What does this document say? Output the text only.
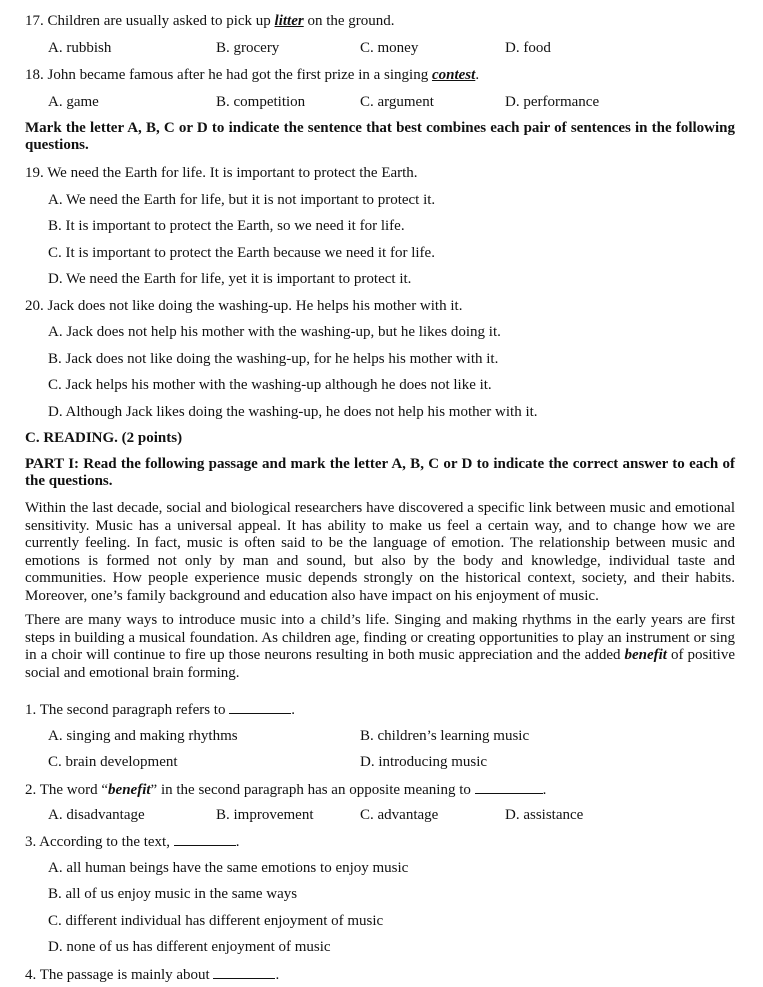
17. Children are usually asked to pick up litter on the ground.
A. rubbish	B. grocery	C. money	D. food
18. John became famous after he had got the first prize in a singing contest.
A. game	B. competition	C. argument	D. performance
Mark the letter A, B, C or D to indicate the sentence that best combines each pair of sentences in the following questions.
19. We need the Earth for life. It is important to protect the Earth.
A. We need the Earth for life, but it is not important to protect it.
B. It is important to protect the Earth, so we need it for life.
C. It is important to protect the Earth because we need it for life.
D. We need the Earth for life, yet it is important to protect it.
20. Jack does not like doing the washing-up. He helps his mother with it.
A. Jack does not help his mother with the washing-up, but he likes doing it.
B. Jack does not like doing the washing-up, for he helps his mother with it.
C. Jack helps his mother with the washing-up although he does not like it.
D. Although Jack likes doing the washing-up, he does not help his mother with it.
C. READING. (2 points)
PART I: Read the following passage and mark the letter A, B, C or D to indicate the correct answer to each of the questions.
Within the last decade, social and biological researchers have discovered a specific link between music and emotional sensitivity. Music has a universal appeal. It has ability to make us feel a certain way, and to change how we are currently feeling. In fact, music is often said to be the language of emotion. The relationship between music and emotions is formed not only by man and sound, but also by the body and knowledge, individual taste and communities. How people experience music depends strongly on the historical context, society, and their habits. Moreover, one’s family background and education also have impact on his enjoyment of music.
There are many ways to introduce music into a child’s life. Singing and making rhythms in the early years are first steps in building a musical foundation. As children age, finding or creating opportunities to play an instrument or sing in a choir will continue to fire up those neurons resulting in both music appreciation and the added benefit of positive social and emotional brain forming.
1. The second paragraph refers to	.
A. singing and making rhythms	B. children’s learning music
C. brain development	D. introducing music
2. The word “benefit” in the second paragraph has an opposite meaning to	.
A. disadvantage	B. improvement	C. advantage	D. assistance
3. According to the text,	.
A. all human beings have the same emotions to enjoy music
B. all of us enjoy music in the same ways
C. different individual has different enjoyment of music
D. none of us has different enjoyment of music
4. The passage is mainly about	.
